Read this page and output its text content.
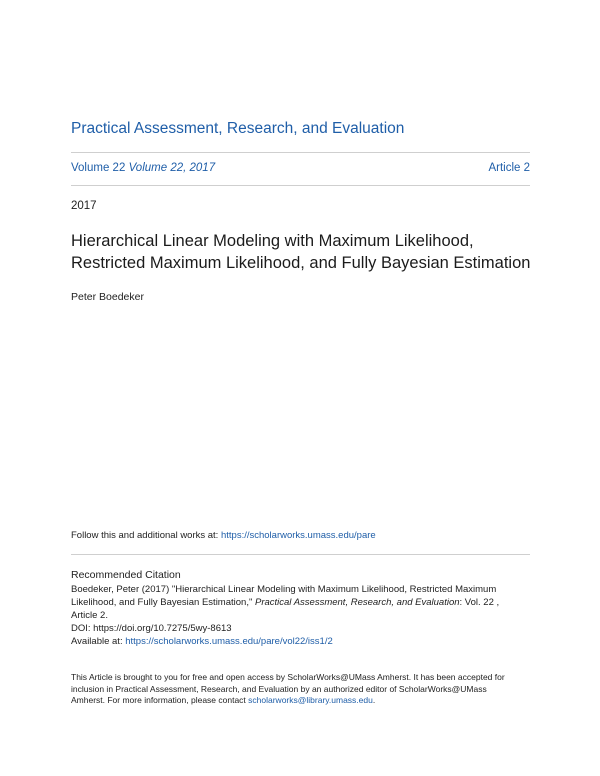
Practical Assessment, Research, and Evaluation
Volume 22 Volume 22, 2017	Article 2
2017
Hierarchical Linear Modeling with Maximum Likelihood,
Restricted Maximum Likelihood, and Fully Bayesian Estimation
Peter Boedeker
Follow this and additional works at: https://scholarworks.umass.edu/pare
Recommended Citation
Boedeker, Peter (2017) "Hierarchical Linear Modeling with Maximum Likelihood, Restricted Maximum
Likelihood, and Fully Bayesian Estimation," Practical Assessment, Research, and Evaluation: Vol. 22 ,
Article 2.
DOI: https://doi.org/10.7275/5wy-8613
Available at: https://scholarworks.umass.edu/pare/vol22/iss1/2
This Article is brought to you for free and open access by ScholarWorks@UMass Amherst. It has been accepted for
inclusion in Practical Assessment, Research, and Evaluation by an authorized editor of ScholarWorks@UMass
Amherst. For more information, please contact scholarworks@library.umass.edu.
